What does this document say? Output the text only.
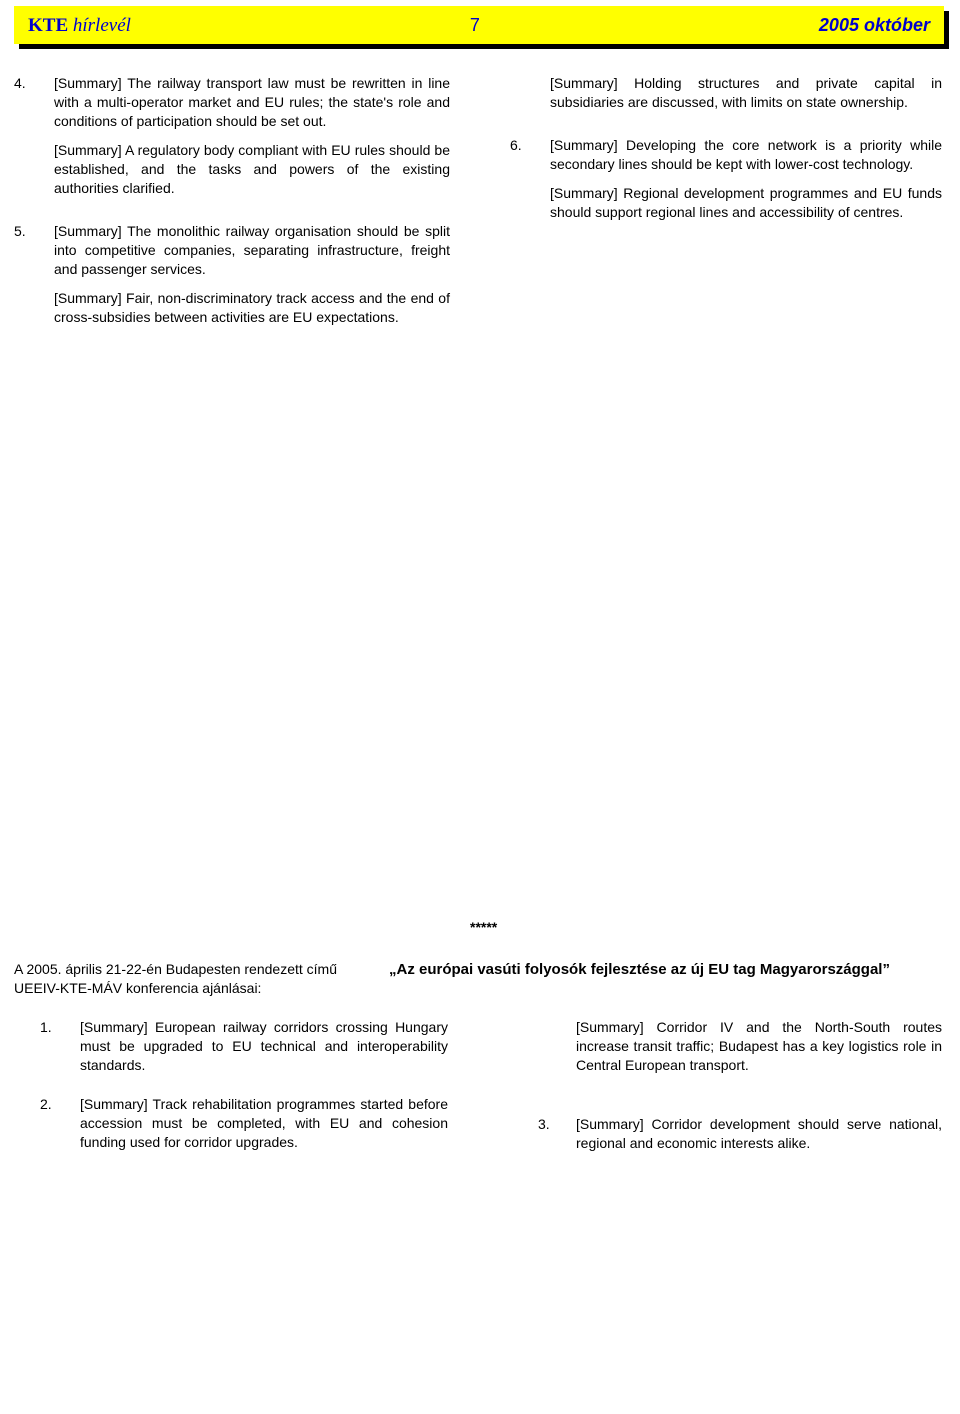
KTE hírlevél	7	2005 október
4. [Summary] The railway transport law must be rewritten in line with a multi-operator market and EU rules; the state's role and conditions of participation should be set out.

[Summary] A regulatory body compliant with EU rules should be established, and the tasks and powers of the existing authorities clarified.

5. [Summary] The monolithic railway organisation should be split into competitive companies, separating infrastructure, freight and passenger services.

[Summary] Fair, non-discriminatory track access and the end of cross-subsidies between activities are EU expectations.

[Summary] Holding structures and private capital in subsidiaries are discussed, with limits on state ownership.

6. [Summary] Developing the core network is a priority while secondary lines should be kept with lower-cost technology.

[Summary] Regional development programmes and EU funds should support regional lines and accessibility of centres.

*****
A 2005. április 21-22-én Budapesten rendezett című UEEIV-KTE-MÁV konferencia ajánlásai:
„Az európai vasúti folyosók fejlesztése az új EU tag Magyarországgal”
1. [Summary] European railway corridors crossing Hungary must be upgraded to EU technical and interoperability standards.

2. [Summary] Track rehabilitation programmes started before accession must be completed, with EU and cohesion funding used for corridor upgrades.

[Summary] Corridor IV and the North-South routes increase transit traffic; Budapest has a key logistics role in Central European transport.

3. [Summary] Corridor development should serve national, regional and economic interests alike.
